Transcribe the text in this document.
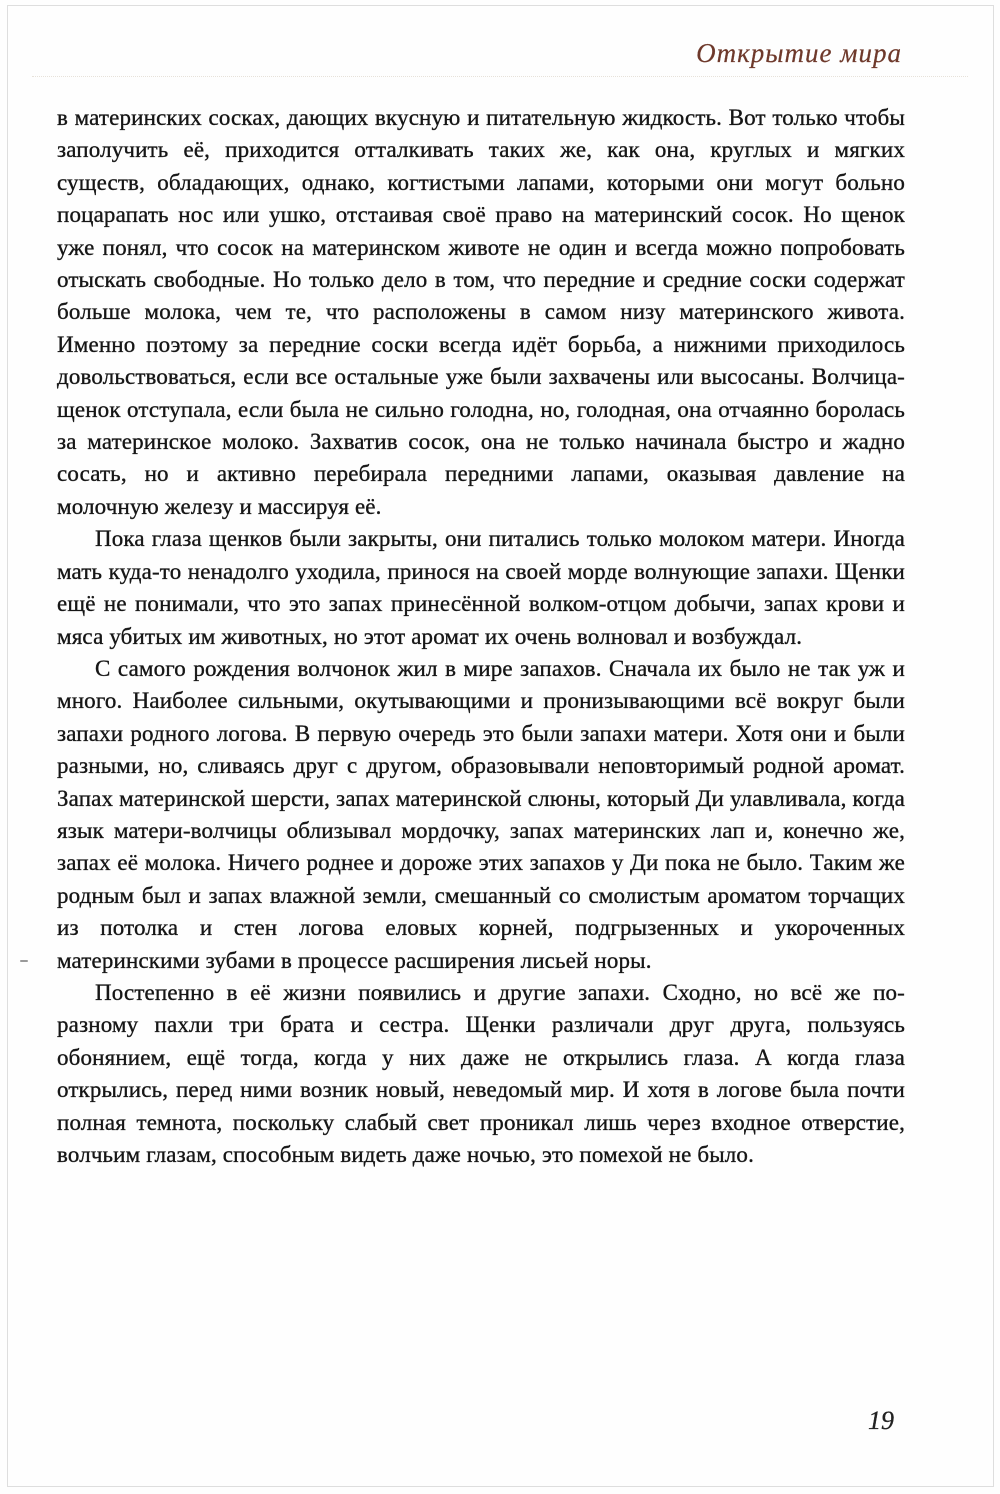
Открытие мира

в материнских сосках, дающих вкусную и питательную жидкость. Вот только чтобы заполучить её, приходится отталкивать таких же, как она, круглых и мягких существ, обладающих, однако, когтистыми лапами, которыми они могут больно поцарапать нос или ушко, отстаивая своё право на материнский сосок. Но щенок уже понял, что сосок на материнском животе не один и всегда можно попробовать отыскать свободные. Но только дело в том, что передние и средние соски содержат больше молока, чем те, что расположены в самом низу материнского живота. Именно поэтому за передние соски всегда идёт борьба, а нижними приходилось довольствоваться, если все остальные уже были захвачены или высосаны. Волчица-щенок отступала, если была не сильно голодна, но, голодная, она отчаянно боролась за материнское молоко. Захватив сосок, она не только начинала быстро и жадно сосать, но и активно перебирала передними лапами, оказывая давление на молочную железу и массируя её.

Пока глаза щенков были закрыты, они питались только молоком матери. Иногда мать куда-то ненадолго уходила, принося на своей морде волнующие запахи. Щенки ещё не понимали, что это запах принесённой волком-отцом добычи, запах крови и мяса убитых им животных, но этот аромат их очень волновал и возбуждал.

С самого рождения волчонок жил в мире запахов. Сначала их было не так уж и много. Наиболее сильными, окутывающими и пронизывающими всё вокруг были запахи родного логова. В первую очередь это были запахи матери. Хотя они и были разными, но, сливаясь друг с другом, образовывали неповторимый родной аромат. Запах материнской шерсти, запах материнской слюны, который Ди улавливала, когда язык матери-волчицы облизывал мордочку, запах материнских лап и, конечно же, запах её молока. Ничего роднее и дороже этих запахов у Ди пока не было. Таким же родным был и запах влажной земли, смешанный со смолистым ароматом торчащих из потолка и стен логова еловых корней, подгрызенных и укороченных материнскими зубами в процессе расширения лисьей норы.

Постепенно в её жизни появились и другие запахи. Сходно, но всё же по-разному пахли три брата и сестра. Щенки различали друг друга, пользуясь обонянием, ещё тогда, когда у них даже не открылись глаза. А когда глаза открылись, перед ними возник новый, неведомый мир. И хотя в логове была почти полная темнота, поскольку слабый свет проникал лишь через входное отверстие, волчьим глазам, способным видеть даже ночью, это помехой не было.

19
